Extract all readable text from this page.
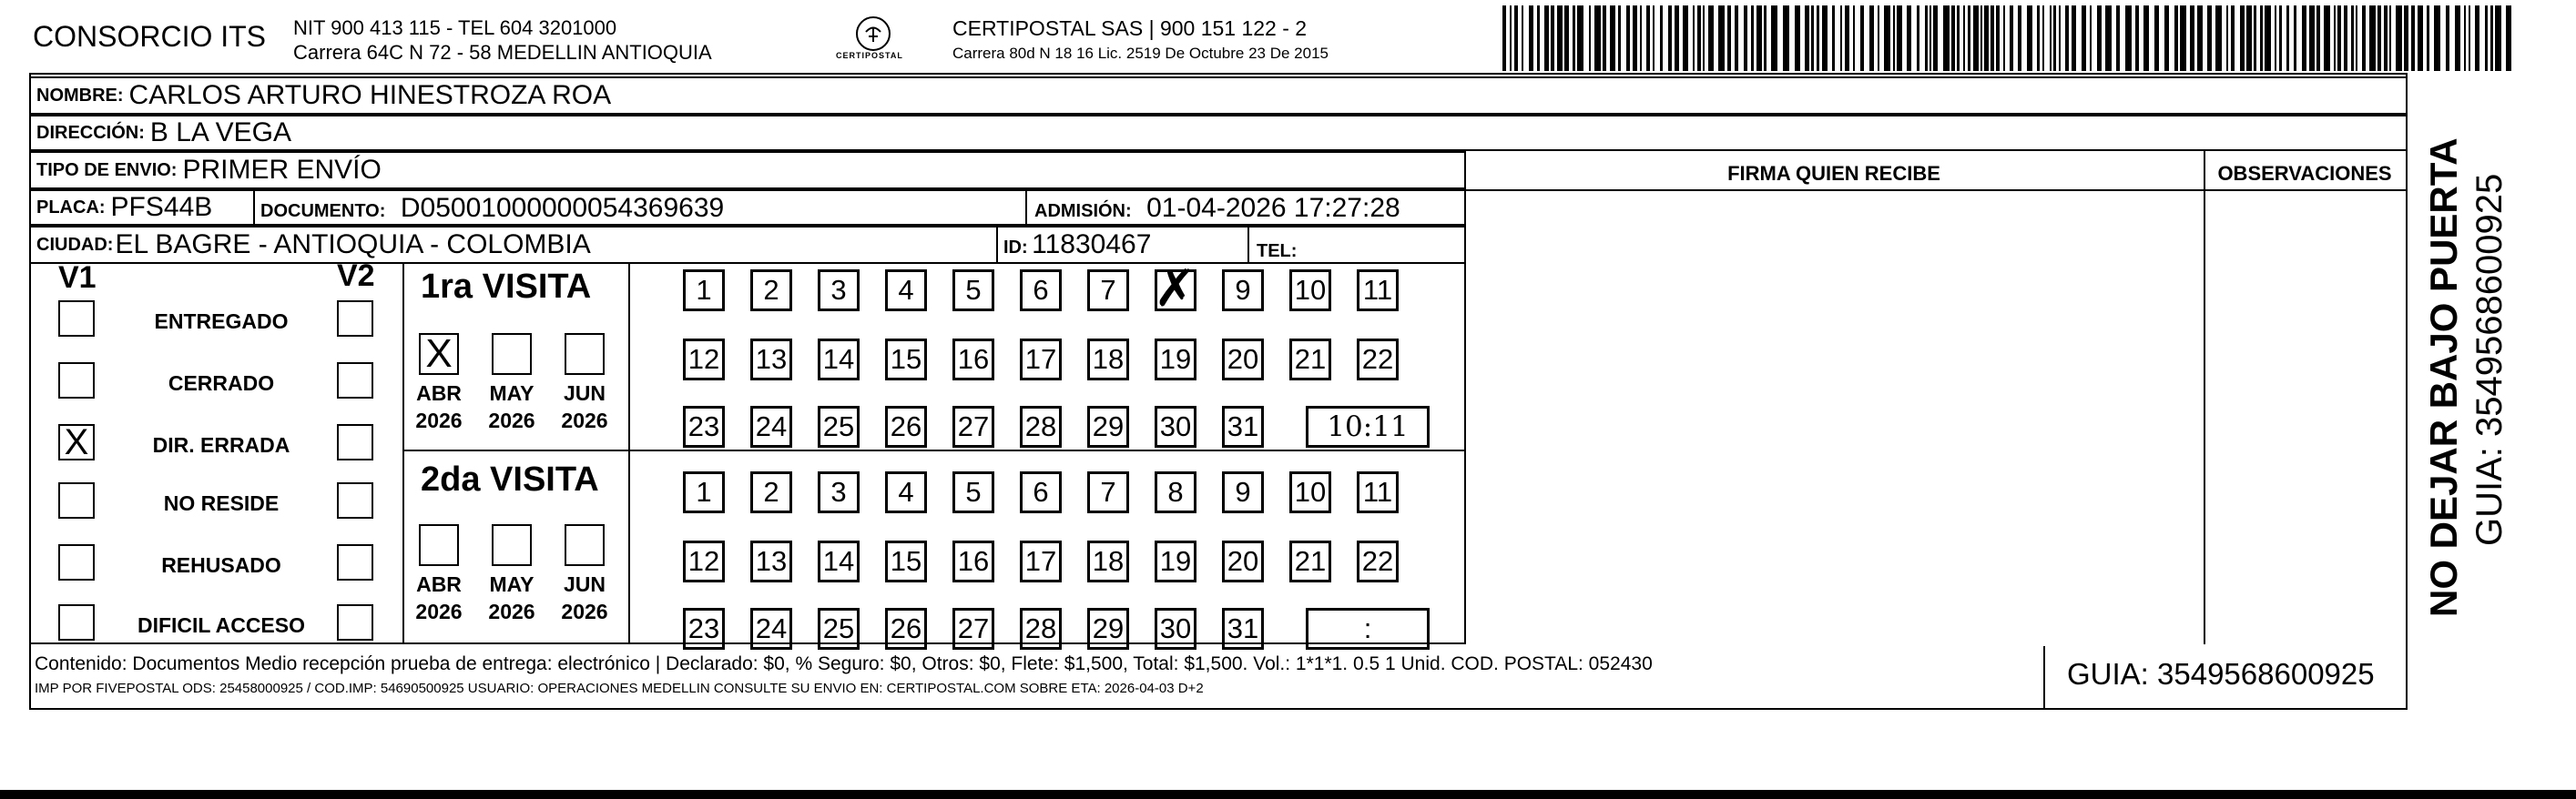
CONSORCIO ITS NIT 900 413 115 - TEL 604 3201000
Carrera 64C N 72 - 58 MEDELLIN ANTIOQUIA	CERTIPOSTAL
CERTIPOSTAL SAS | 900 151 122 - 2
Carrera 80d N 18 16 Lic. 2519 De Octubre 23 De 2015
NOMBRE: CARLOS ARTURO HINESTROZA ROA
DIRECCIÓN: B LA VEGA
TIPO DE ENVIO: PRIMER ENVÍO
PLACA: PFS44B	DOCUMENTO: D05001000000054369639	ADMISIÓN: 01-04-2026 17:27:28
CIUDAD: EL BAGRE - ANTIOQUIA - COLOMBIA	ID: 11830467	TEL:
FIRMA QUIEN RECIBE	OBSERVACIONES
V1	V2
ENTREGADO
CERRADO
X	DIR. ERRADA
NO RESIDE
REHUSADO
DIFICIL ACCESO
1ra VISITA
X
ABR
2026
MAY
2026
JUN
2026
1	2	3	4	5	6	7 ✗	9	10 11
12 13 14 15 16 17 18 19 20 21 22
23 24 25 26 27 28 29 30 31	10:11
2da VISITA
ABR
2026
MAY
2026
JUN
2026
1	2	3	4	5	6	7	8	9	10 11
12 13 14 15 16 17 18 19 20 21 22
23 24 25 26 27 28 29 30 31	:
Contenido: Documentos Medio recepción prueba de entrega: electrónico | Declarado: $0, % Seguro: $0, Otros: $0, Flete: $1,500, Total: $1,500. Vol.: 1*1*1. 0.5 1 Unid. COD. POSTAL: 052430
IMP POR FIVEPOSTAL ODS: 25458000925 / COD.IMP: 54690500925 USUARIO: OPERACIONES MEDELLIN CONSULTE SU ENVIO EN: CERTIPOSTAL.COM SOBRE ETA: 2026-04-03 D+2	GUIA: 3549568600925
NO DEJAR BAJO PUERTA GUIA: 3549568600925
